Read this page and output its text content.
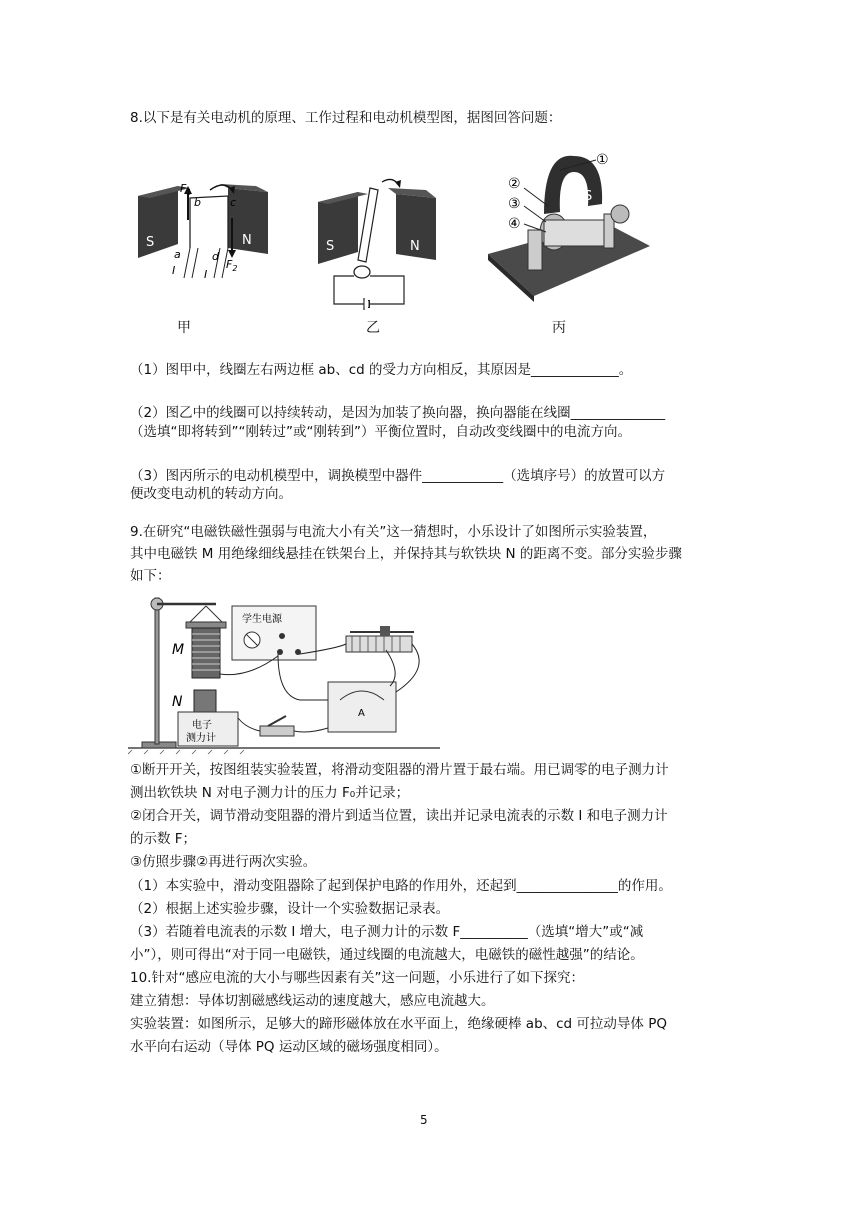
8.以下是有关电动机的原理、工作过程和电动机模型图，据图回答问题：
S	N
$F_1$
b	c
a	d
I	I
$F_2$
甲
S	N
乙
S
①
②
③
④
丙
（1）图甲中，线圈左右两边框 ab、cd 的受力方向相反，其原因是_____________。
（2）图乙中的线圈可以持续转动，是因为加装了换向器，换向器能在线圈______________
（选填“即将转到”“刚转过”或“刚转到”）平衡位置时，自动改变线圈中的电流方向。
（3）图丙所示的电动机模型中，调换模型中器件____________（选填序号）的放置可以方
便改变电动机的转动方向。
9.在研究“电磁铁磁性强弱与电流大小有关”这一猜想时，小乐设计了如图所示实验装置，
其中电磁铁 M 用绝缘细线悬挂在铁架台上，并保持其与软铁块 N 的距离不变。部分实验步骤
如下：
M
N
电子
测力计
学生电源
A
①断开开关，按图组装实验装置，将滑动变阻器的滑片置于最右端。用已调零的电子测力计
测出软铁块 N 对电子测力计的压力 F₀并记录；
②闭合开关，调节滑动变阻器的滑片到适当位置，读出并记录电流表的示数 I 和电子测力计
的示数 F；
③仿照步骤②再进行两次实验。
（1）本实验中，滑动变阻器除了起到保护电路的作用外，还起到_______________的作用。
（2）根据上述实验步骤，设计一个实验数据记录表。
（3）若随着电流表的示数 I 增大，电子测力计的示数 F__________（选填“增大”或“减
小”），则可得出“对于同一电磁铁，通过线圈的电流越大，电磁铁的磁性越强”的结论。
10.针对“感应电流的大小与哪些因素有关”这一问题，小乐进行了如下探究：
建立猜想：导体切割磁感线运动的速度越大，感应电流越大。
实验装置：如图所示，足够大的蹄形磁体放在水平面上，绝缘硬棒 ab、cd 可拉动导体 PQ
水平向右运动（导体 PQ 运动区域的磁场强度相同）。
5
